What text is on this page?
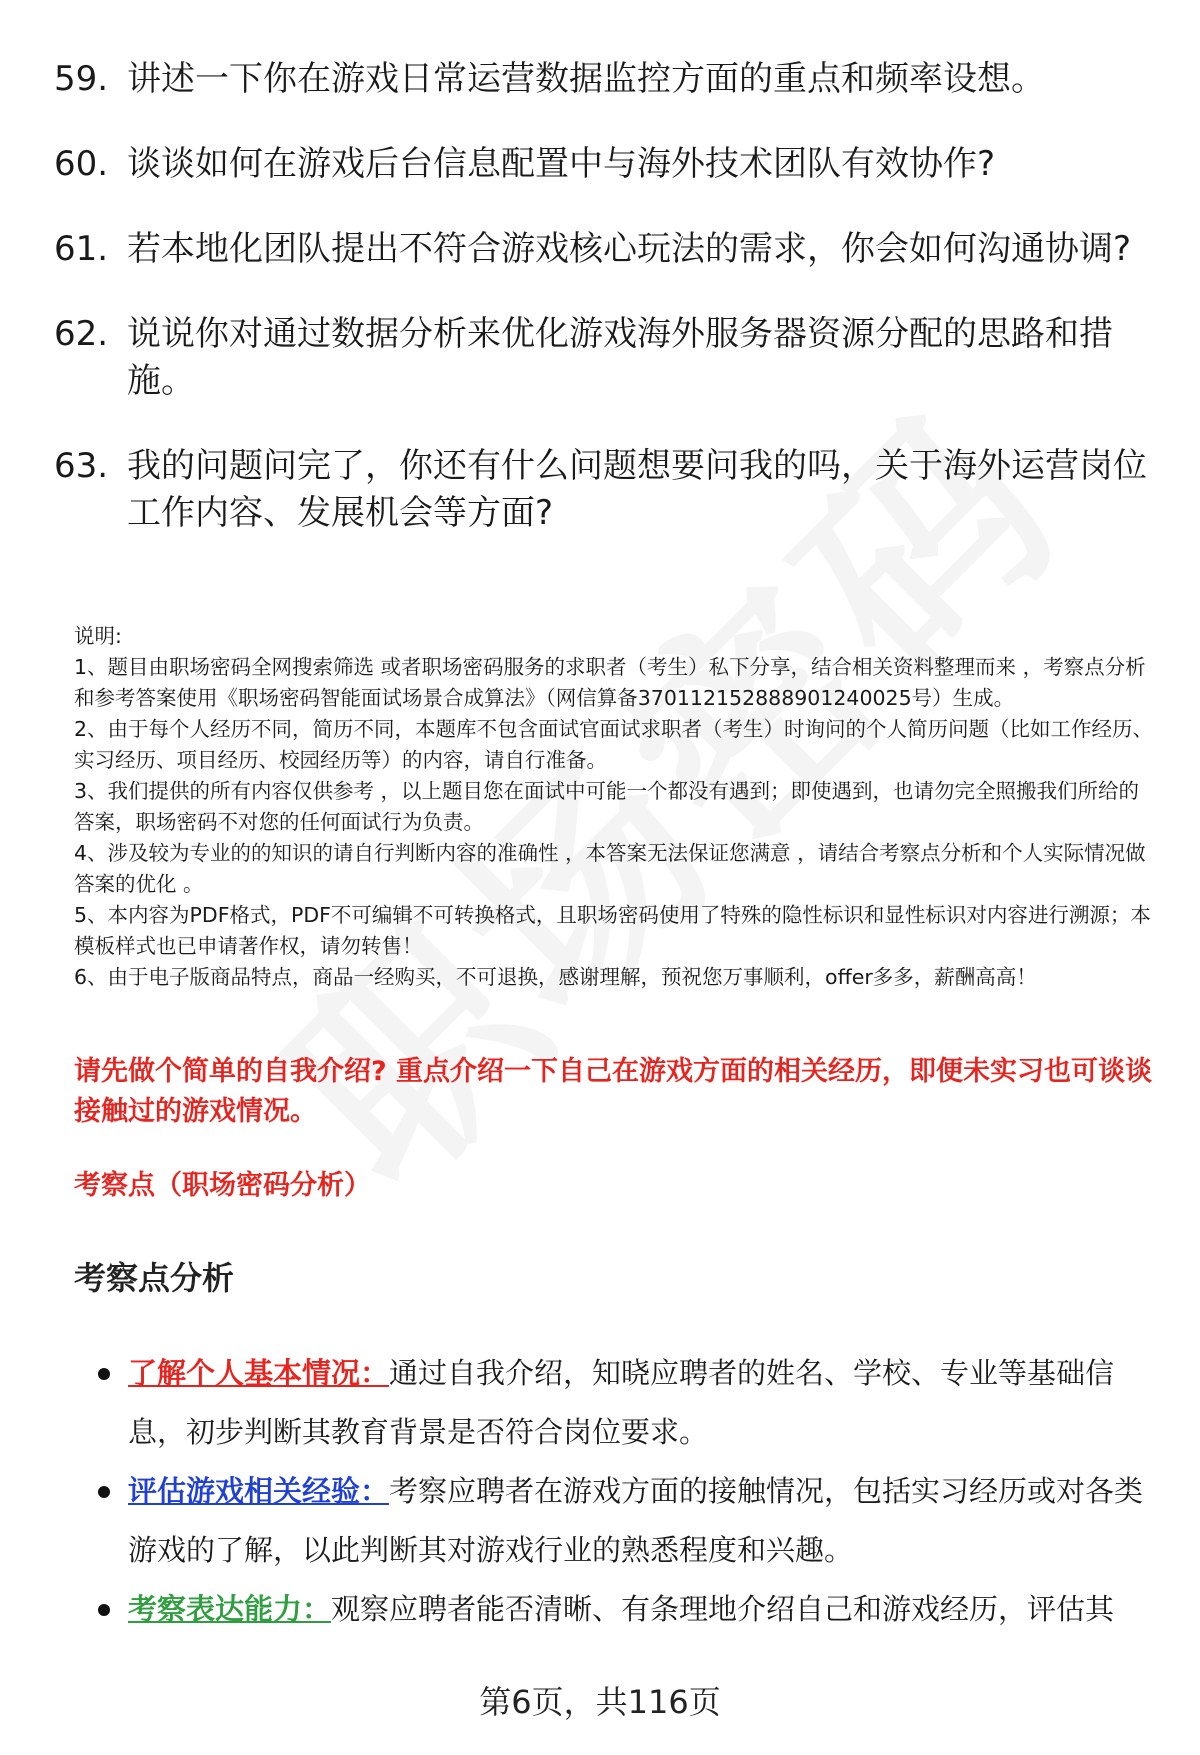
59. 讲述一下你在游戏日常运营数据监控方面的重点和频率设想。
60. 谈谈如何在游戏后台信息配置中与海外技术团队有效协作?
61. 若本地化团队提出不符合游戏核心玩法的需求，你会如何沟通协调?
62. 说说你对通过数据分析来优化游戏海外服务器资源分配的思路和措施。
63. 我的问题问完了，你还有什么问题想要问我的吗，关于海外运营岗位工作内容、发展机会等方面?

说明:

1、题目由职场密码全网搜索筛选 或者职场密码服务的求职者（考生）私下分享，结合相关资料整理而来 ，考察点分析和参考答案使用《职场密码智能面试场景合成算法》（网信算备370112152888901240025号）生成。

2、由于每个人经历不同，简历不同，本题库不包含面试官面试求职者（考生）时询问的个人简历问题（比如工作经历、实习经历、项目经历、校园经历等）的内容，请自行准备。

3、我们提供的所有内容仅供参考 ，以上题目您在面试中可能一个都没有遇到；即使遇到，也请勿完全照搬我们所给的答案，职场密码不对您的任何面试行为负责。

4、涉及较为专业的的知识的请自行判断内容的准确性 ，本答案无法保证您满意 ，请结合考察点分析和个人实际情况做答案的优化 。

5、本内容为PDF格式，PDF不可编辑不可转换格式，且职场密码使用了特殊的隐性标识和显性标识对内容进行溯源；本模板样式也已申请著作权，请勿转售！

6、由于电子版商品特点，商品一经购买，不可退换，感谢理解，预祝您万事顺利，offer多多，薪酬高高！

请先做个简单的自我介绍? 重点介绍一下自己在游戏方面的相关经历，即便未实习也可谈谈接触过的游戏情况。
考察点（职场密码分析）
考察点分析
了解个人基本情况：通过自我介绍，知晓应聘者的姓名、学校、专业等基础信息，初步判断其教育背景是否符合岗位要求。
评估游戏相关经验：考察应聘者在游戏方面的接触情况，包括实习经历或对各类游戏的了解，以此判断其对游戏行业的熟悉程度和兴趣。
考察表达能力：观察应聘者能否清晰、有条理地介绍自己和游戏经历，评估其
第6页，共116页
